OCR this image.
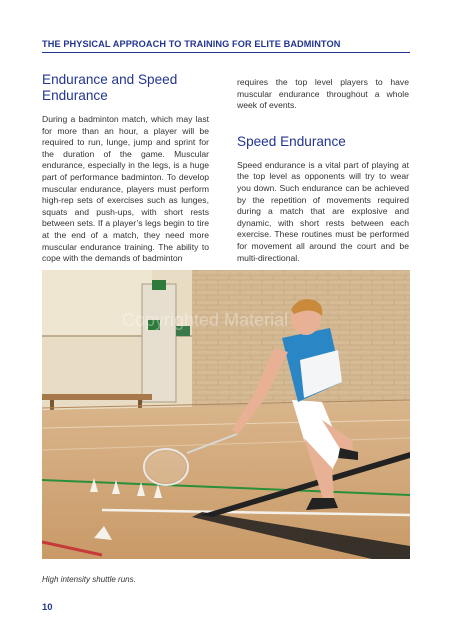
THE PHYSICAL APPROACH TO TRAINING FOR ELITE BADMINTON
Endurance and Speed Endurance

During a badminton match, which may last for more than an hour, a player will be required to run, lunge, jump and sprint for the duration of the game. Muscular endurance, especially in the legs, is a huge part of performance badminton. To develop muscular endurance, players must perform high-rep sets of exercises such as lunges, squats and push-ups, with short rests between sets. If a player’s legs begin to tire at the end of a match, they need more muscular endurance training. The ability to cope with the demands of badminton

requires the top level players to have muscular endurance throughout a whole week of events.

Speed Endurance

Speed endurance is a vital part of playing at the top level as opponents will try to wear you down. Such endurance can be achieved by the repetition of movements required during a match that are explosive and dynamic, with short rests between each exercise. These routines must be performed for movement all around the court and be multi-directional.

Copyrighted Material
High intensity shuttle runs.
10
